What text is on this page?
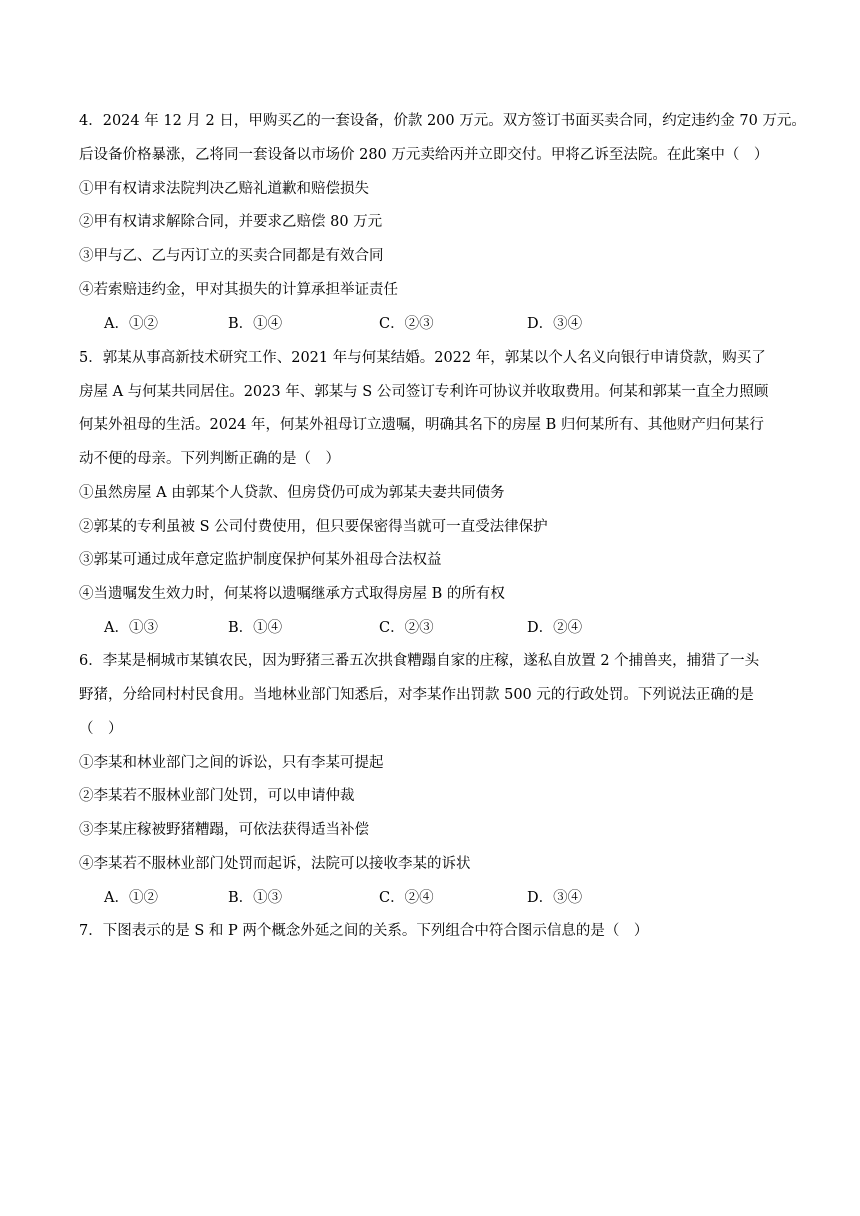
4．2024 年 12 月 2 日，甲购买乙的一套设备，价款 200 万元。双方签订书面买卖合同，约定违约金 70 万元。
后设备价格暴涨，乙将同一套设备以市场价 280 万元卖给丙并立即交付。甲将乙诉至法院。在此案中（　）
①甲有权请求法院判决乙赔礼道歉和赔偿损失
②甲有权请求解除合同，并要求乙赔偿 80 万元
③甲与乙、乙与丙订立的买卖合同都是有效合同
④若索赔违约金，甲对其损失的计算承担举证责任
A．①②	B．①④	C．②③	D．③④
5．郭某从事高新技术研究工作、2021 年与何某结婚。2022 年，郭某以个人名义向银行申请贷款，购买了
房屋 A 与何某共同居住。2023 年、郭某与 S 公司签订专利许可协议并收取费用。何某和郭某一直全力照顾
何某外祖母的生活。2024 年，何某外祖母订立遗嘱，明确其名下的房屋 B 归何某所有、其他财产归何某行
动不便的母亲。下列判断正确的是（　）
①虽然房屋 A 由郭某个人贷款、但房贷仍可成为郭某夫妻共同债务
②郭某的专利虽被 S 公司付费使用，但只要保密得当就可一直受法律保护
③郭某可通过成年意定监护制度保护何某外祖母合法权益
④当遗嘱发生效力时，何某将以遗嘱继承方式取得房屋 B 的所有权
A．①③	B．①④	C．②③	D．②④
6．李某是桐城市某镇农民，因为野猪三番五次拱食糟蹋自家的庄稼，遂私自放置 2 个捕兽夹，捕猎了一头
野猪，分给同村村民食用。当地林业部门知悉后，对李某作出罚款 500 元的行政处罚。下列说法正确的是
（　）
①李某和林业部门之间的诉讼，只有李某可提起
②李某若不服林业部门处罚，可以申请仲裁
③李某庄稼被野猪糟蹋，可依法获得适当补偿
④李某若不服林业部门处罚而起诉，法院可以接收李某的诉状
A．①②	B．①③	C．②④	D．③④
7．下图表示的是 S 和 P 两个概念外延之间的关系。下列组合中符合图示信息的是（　）
